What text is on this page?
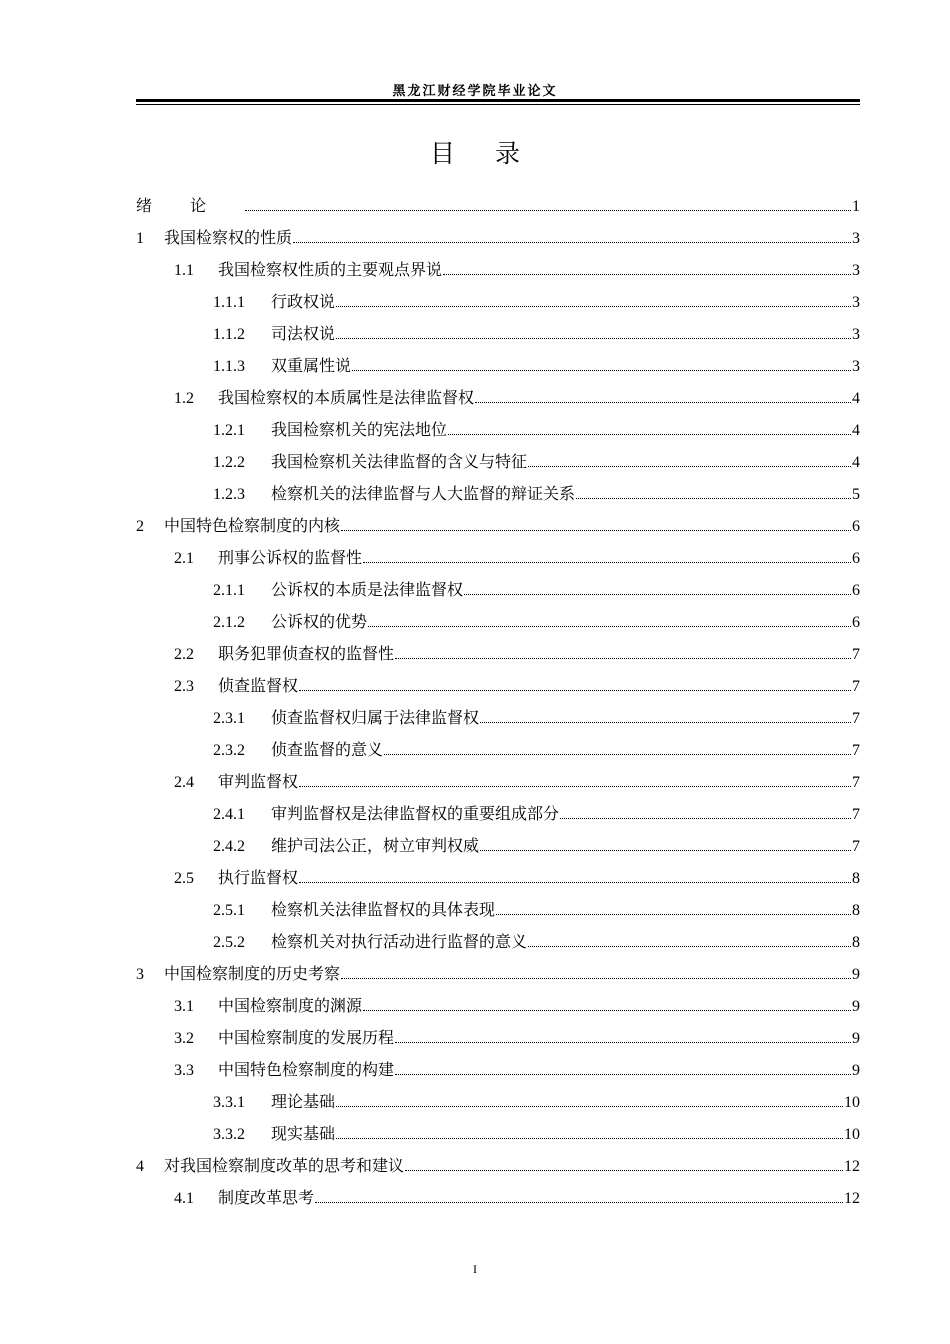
黑龙江财经学院毕业论文
目录
绪论	1
1	我国检察权的性质	3
1.1	我国检察权性质的主要观点界说	3
1.1.1	行政权说	3
1.1.2	司法权说	3
1.1.3	双重属性说	3
1.2	我国检察权的本质属性是法律监督权	4
1.2.1	我国检察机关的宪法地位	4
1.2.2	我国检察机关法律监督的含义与特征	4
1.2.3	检察机关的法律监督与人大监督的辩证关系	5
2	中国特色检察制度的内核	6
2.1	刑事公诉权的监督性	6
2.1.1	公诉权的本质是法律监督权	6
2.1.2	公诉权的优势	6
2.2	职务犯罪侦查权的监督性	7
2.3	侦查监督权	7
2.3.1	侦查监督权归属于法律监督权	7
2.3.2	侦查监督的意义	7
2.4	审判监督权	7
2.4.1	审判监督权是法律监督权的重要组成部分	7
2.4.2	维护司法公正，树立审判权威	7
2.5	执行监督权	8
2.5.1	检察机关法律监督权的具体表现	8
2.5.2	检察机关对执行活动进行监督的意义	8
3	中国检察制度的历史考察	9
3.1	中国检察制度的渊源	9
3.2	中国检察制度的发展历程	9
3.3	中国特色检察制度的构建	9
3.3.1	理论基础	10
3.3.2	现实基础	10
4	对我国检察制度改革的思考和建议	12
4.1	制度改革思考	12
I
